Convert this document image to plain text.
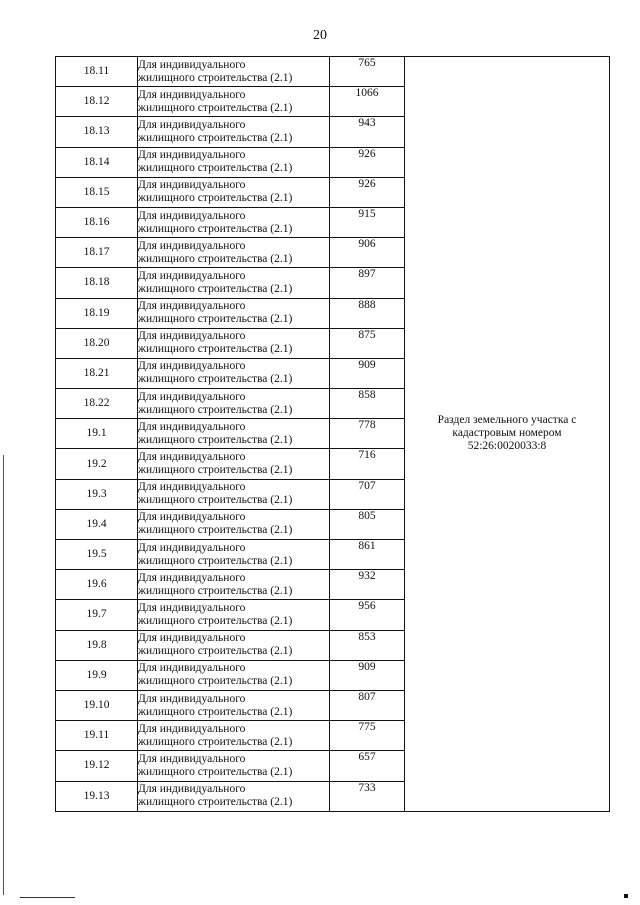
20
18.11	Для индивидуального
жилищного строительства (2.1)	765	Раздел земельного участка с
кадастровым номером
52:26:0020033:8
18.12	Для индивидуального
жилищного строительства (2.1)	1066	
18.13	Для индивидуального
жилищного строительства (2.1)	943	
18.14	Для индивидуального
жилищного строительства (2.1)	926	
18.15	Для индивидуального
жилищного строительства (2.1)	926	
18.16	Для индивидуального
жилищного строительства (2.1)	915	
18.17	Для индивидуального
жилищного строительства (2.1)	906	
18.18	Для индивидуального
жилищного строительства (2.1)	897	
18.19	Для индивидуального
жилищного строительства (2.1)	888	
18.20	Для индивидуального
жилищного строительства (2.1)	875	
18.21	Для индивидуального
жилищного строительства (2.1)	909	
18.22	Для индивидуального
жилищного строительства (2.1)	858	
19.1	Для индивидуального
жилищного строительства (2.1)	778	
19.2	Для индивидуального
жилищного строительства (2.1)	716	
19.3	Для индивидуального
жилищного строительства (2.1)	707	
19.4	Для индивидуального
жилищного строительства (2.1)	805	
19.5	Для индивидуального
жилищного строительства (2.1)	861	
19.6	Для индивидуального
жилищного строительства (2.1)	932	
19.7	Для индивидуального
жилищного строительства (2.1)	956	
19.8	Для индивидуального
жилищного строительства (2.1)	853	
19.9	Для индивидуального
жилищного строительства (2.1)	909	
19.10	Для индивидуального
жилищного строительства (2.1)	807	
19.11	Для индивидуального
жилищного строительства (2.1)	775	
19.12	Для индивидуального
жилищного строительства (2.1)	657	
19.13	Для индивидуального
жилищного строительства (2.1)	733	
